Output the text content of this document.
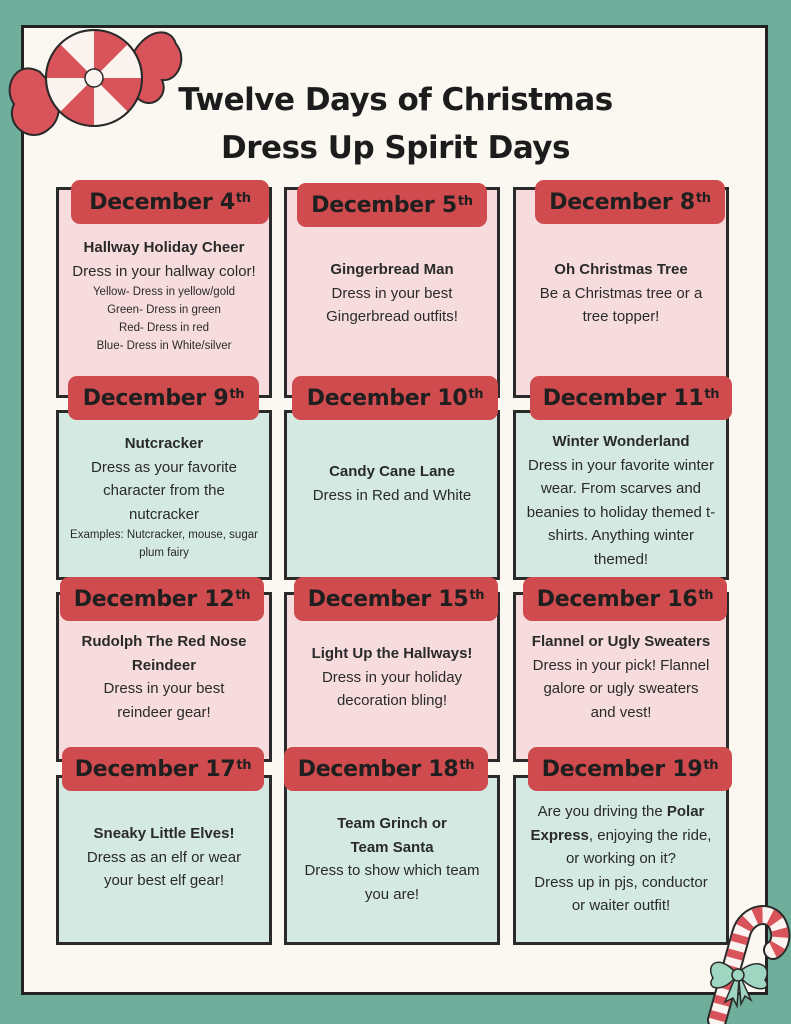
Twelve Days of Christmas
Dress Up Spirit Days
Hallway Holiday Cheer
Dress in your hallway color!
Yellow- Dress in yellow/gold
Green- Dress in green
Red- Dress in red
Blue- Dress in White/silver
December
4th
Gingerbread Man
Dress in your best
Gingerbread outfits!
December
5th
Oh Christmas Tree
Be a Christmas tree or a
tree topper!
December
8th
Nutcracker
Dress as your favorite
character from the
nutcracker
Examples: Nutcracker, mouse, sugar
plum fairy
December
9th
Candy Cane Lane
Dress in Red and White
December
10th
Winter Wonderland
Dress in your favorite winter
wear. From scarves and
beanies to holiday themed t-
shirts. Anything winter
themed!
December
11th
Rudolph The Red Nose Reindeer
Dress in your best
reindeer gear!
December
12th
Light Up the Hallways!
Dress in your holiday
decoration bling!
December
15th
Flannel or Ugly Sweaters
Dress in your pick! Flannel
galore or ugly sweaters
and vest!
December
16th
Sneaky Little Elves!
Dress as an elf or wear
your best elf gear!
December
17th
Team Grinch or
Team Santa
Dress to show which team
you are!
December
18th
Are you driving the Polar
Express, enjoying the ride,
or working on it?
Dress up in pjs, conductor
or waiter outfit!
December
19th
